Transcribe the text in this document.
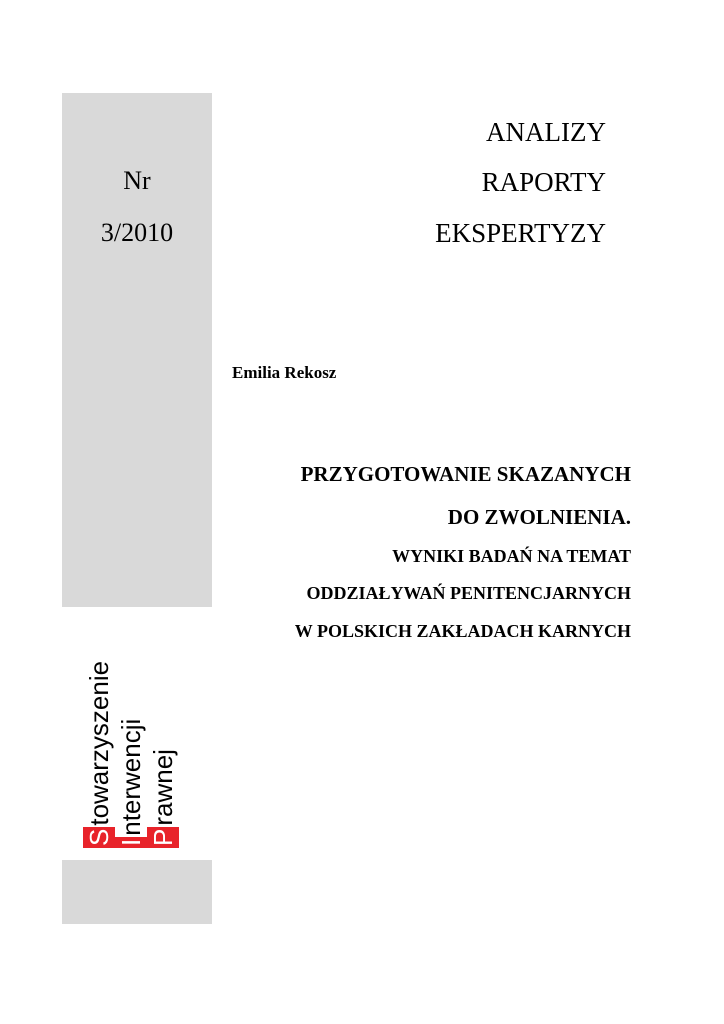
Nr
3/2010
ANALIZY
RAPORTY
EKSPERTYZY
Emilia Rekosz
PRZYGOTOWANIE SKAZANYCH
DO ZWOLNIENIA.
WYNIKI BADAŃ NA TEMAT
ODDZIAŁYWAŃ PENITENCJARNYCH
W POLSKICH ZAKŁADACH KARNYCH
Stowarzyszenie
Interwencji
Prawnej
